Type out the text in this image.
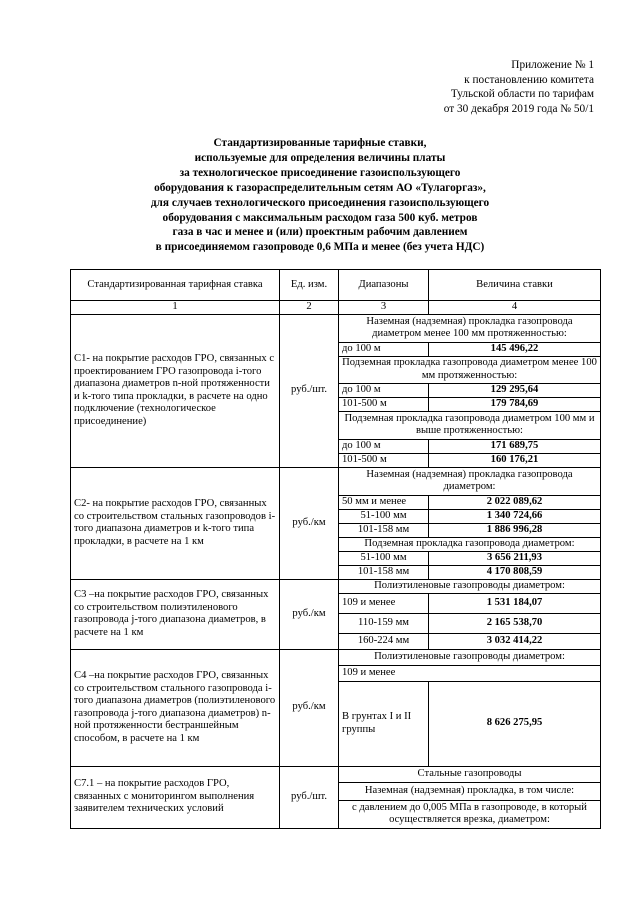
Приложение № 1
к постановлению комитета
Тульской области по тарифам
от 30 декабря 2019 года № 50/1
Стандартизированные тарифные ставки,
используемые для определения величины платы
за технологическое присоединение газоиспользующего
оборудования к газораспределительным сетям АО «Тулагоргаз»,
для случаев технологического присоединения газоиспользующего
оборудования с максимальным расходом газа 500 куб. метров
газа в час и менее и (или) проектным рабочим давлением
в присоединяемом газопроводе 0,6 МПа и менее (без учета НДС)
Стандартизированная тарифная ставка	Ед. изм.	Диапазоны	Величина ставки
1	2	3	4
С1- на покрытие расходов ГРО, связанных с проектированием ГРО газопровода i-того диапазона диаметров n-ной протяженности и k-того типа прокладки, в расчете на одно подключение (технологическое присоединение)	руб./шт.	Наземная (надземная) прокладка газопровода диаметром менее 100 мм протяженностью:	
		до 100 м	145 496,22
		Подземная прокладка газопровода диаметром менее 100 мм протяженностью:	
		до 100 м	129 295,64
		101-500 м	179 784,69
		Подземная прокладка газопровода диаметром 100 мм и выше протяженностью:	
		до 100 м	171 689,75
		101-500 м	160 176,21
С2- на покрытие расходов ГРО, связанных со строительством стальных газопроводов i-того диапазона диаметров и k-того типа прокладки, в расчете на 1 км	руб./км	Наземная (надземная) прокладка газопровода диаметром:	
		50 мм и менее	2 022 089,62
		51-100 мм	1 340 724,66
		101-158 мм	1 886 996,28
		Подземная прокладка газопровода диаметром:	
		51-100 мм	3 656 211,93
		101-158 мм	4 170 808,59
С3 –на покрытие расходов ГРО, связанных со строительством полиэтиленового газопровода j-того диапазона диаметров, в расчете на 1 км	руб./км	Полиэтиленовые газопроводы диаметром:	
		109 и менее	1 531 184,07
		110-159 мм	2 165 538,70
		160-224 мм	3 032 414,22
С4 –на покрытие расходов ГРО, связанных со строительством стального газопровода i-того диапазона диаметров (полиэтиленового газопровода j-того диапазона диаметров) n-ной протяженности бестраншейным способом, в расчете на 1 км	руб./км	Полиэтиленовые газопроводы диаметром:	
		109 и менее	
		В грунтах I и II группы	8 626 275,95
С7.1 – на покрытие расходов ГРО, связанных с мониторингом выполнения заявителем технических условий	руб./шт.	Стальные газопроводы	
		Наземная (надземная) прокладка, в том числе:	
		с давлением до 0,005 МПа в газопроводе, в который осуществляется врезка, диаметром:	
